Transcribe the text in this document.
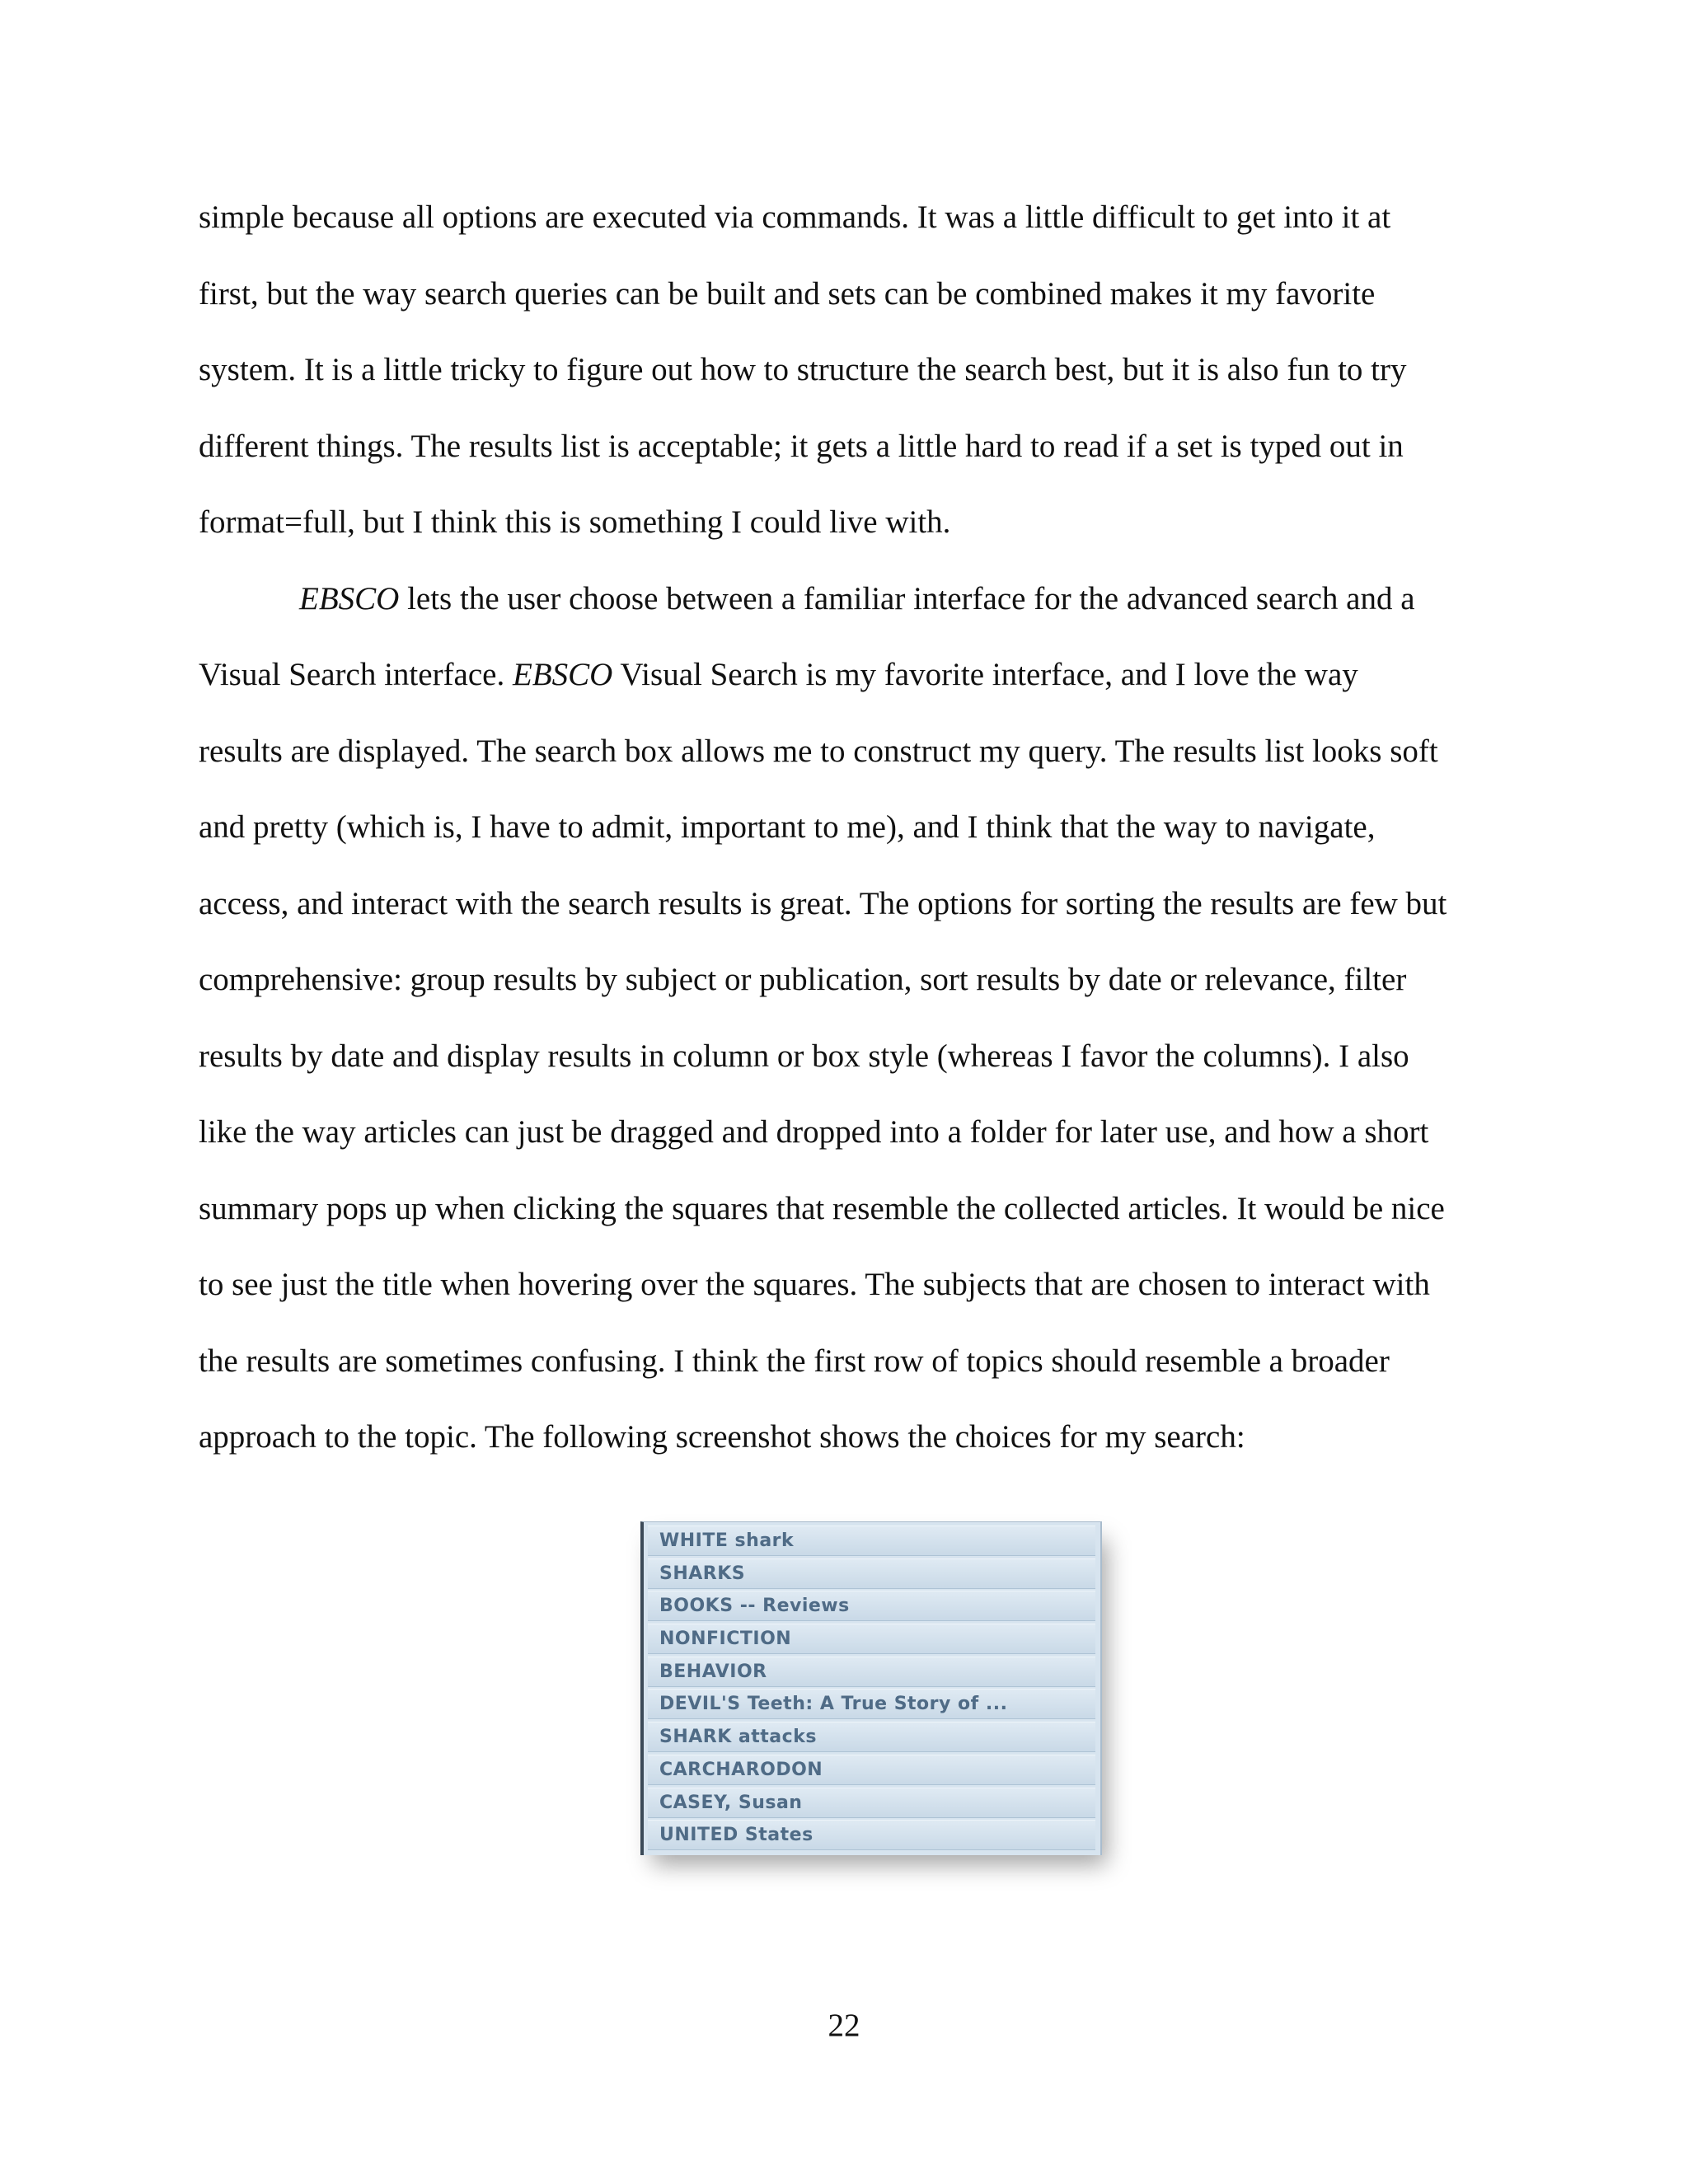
simple because all options are executed via commands. It was a little difficult to get into it at
first, but the way search queries can be built and sets can be combined makes it my favorite
system. It is a little tricky to figure out how to structure the search best, but it is also fun to try
different things. The results list is acceptable; it gets a little hard to read if a set is typed out in
format=full, but I think this is something I could live with.
EBSCO lets the user choose between a familiar interface for the advanced search and a
Visual Search interface. EBSCO Visual Search is my favorite interface, and I love the way
results are displayed. The search box allows me to construct my query. The results list looks soft
and pretty (which is, I have to admit, important to me), and I think that the way to navigate,
access, and interact with the search results is great. The options for sorting the results are few but
comprehensive: group results by subject or publication, sort results by date or relevance, filter
results by date and display results in column or box style (whereas I favor the columns). I also
like the way articles can just be dragged and dropped into a folder for later use, and how a short
summary pops up when clicking the squares that resemble the collected articles. It would be nice
to see just the title when hovering over the squares. The subjects that are chosen to interact with
the results are sometimes confusing. I think the first row of topics should resemble a broader
approach to the topic. The following screenshot shows the choices for my search:
WHITE shark
SHARKS
BOOKS -- Reviews
NONFICTION
BEHAVIOR
DEVIL'S Teeth: A True Story of ...
SHARK attacks
CARCHARODON
CASEY, Susan
UNITED States
22
